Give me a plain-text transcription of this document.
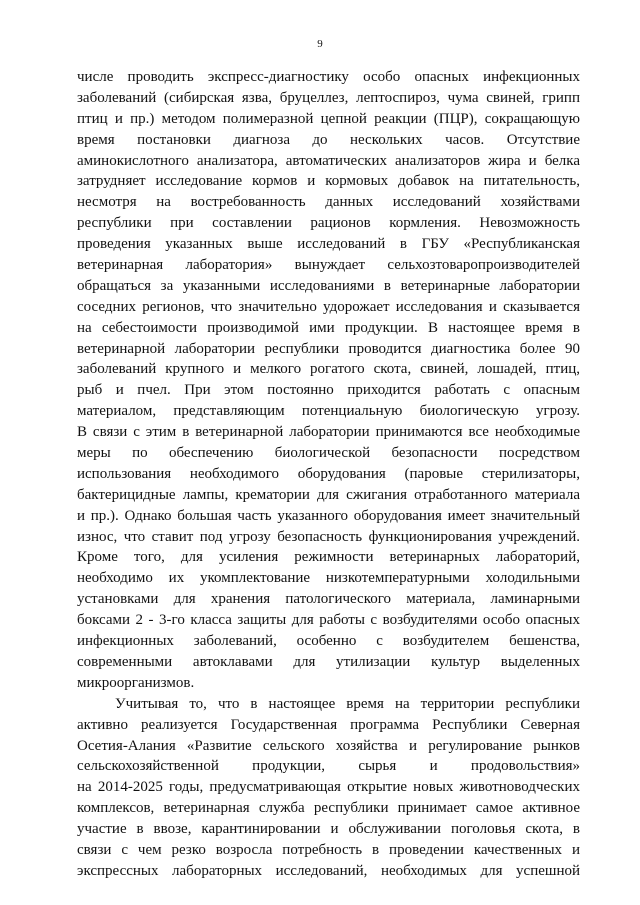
9
числе проводить экспресс-диагностику особо опасных инфекционных
заболеваний (сибирская язва, бруцеллез, лептоспироз, чума свиней, грипп
птиц и пр.) методом полимеразной цепной реакции (ПЦР), сокращающую
время постановки диагноза до нескольких часов. Отсутствие
аминокислотного анализатора, автоматических анализаторов жира и белка
затрудняет исследование кормов и кормовых добавок на питательность,
несмотря на востребованность данных исследований хозяйствами
республики при составлении рационов кормления. Невозможность
проведения указанных выше исследований в ГБУ «Республиканская
ветеринарная лаборатория» вынуждает сельхозтоваропроизводителей
обращаться за указанными исследованиями в ветеринарные лаборатории
соседних регионов, что значительно удорожает исследования и сказывается
на себестоимости производимой ими продукции. В настоящее время в
ветеринарной лаборатории республики проводится диагностика более 90
заболеваний крупного и мелкого рогатого скота, свиней, лошадей, птиц,
рыб и пчел. При этом постоянно приходится работать с опасным
материалом, представляющим потенциальную биологическую угрозу.
В связи с этим в ветеринарной лаборатории принимаются все необходимые
меры по обеспечению биологической безопасности посредством
использования необходимого оборудования (паровые стерилизаторы,
бактерицидные лампы, крематории для сжигания отработанного материала
и пр.). Однако большая часть указанного оборудования имеет значительный
износ, что ставит под угрозу безопасность функционирования учреждений.
Кроме того, для усиления режимности ветеринарных лабораторий,
необходимо их укомплектование низкотемпературными холодильными
установками для хранения патологического материала, ламинарными
боксами 2 - 3-го класса защиты для работы с возбудителями особо опасных
инфекционных заболеваний, особенно с возбудителем бешенства,
современными автоклавами для утилизации культур выделенных
микроорганизмов.
Учитывая то, что в настоящее время на территории республики
активно реализуется Государственная программа Республики Северная
Осетия-Алания «Развитие сельского хозяйства и регулирование рынков
сельскохозяйственной продукции, сырья и продовольствия»
на 2014-2025 годы, предусматривающая открытие новых животноводческих
комплексов, ветеринарная служба республики принимает самое активное
участие в ввозе, карантинировании и обслуживании поголовья скота, в
связи с чем резко возросла потребность в проведении качественных и
экспрессных лабораторных исследований, необходимых для успешной
